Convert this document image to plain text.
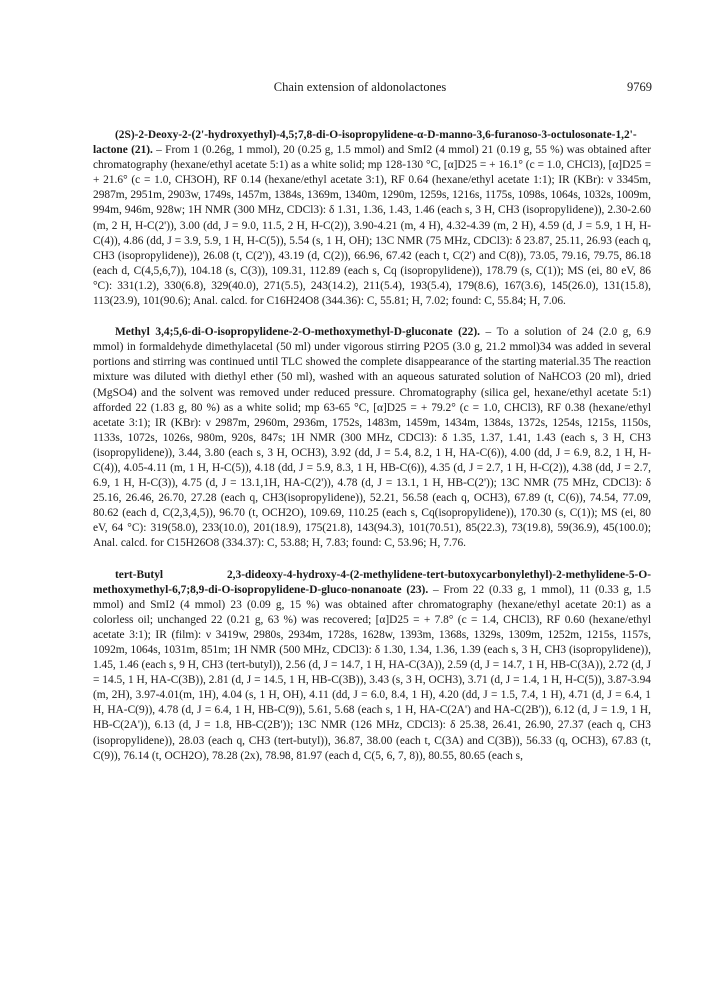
Chain extension of aldonolactones	9769

(2S)-2-Deoxy-2-(2'-hydroxyethyl)-4,5;7,8-di-O-isopropylidene-α-D-manno-3,6-furanoso-3-octulosonate-1,2'-lactone (21). – From 1 (0.26g, 1 mmol), 20 (0.25 g, 1.5 mmol) and SmI2 (4 mmol) 21 (0.19 g, 55 %) was obtained after chromatography (hexane/ethyl acetate 5:1) as a white solid; mp 128-130 °C, [α]D25 = + 16.1° (c = 1.0, CHCl3), [α]D25 = + 21.6° (c = 1.0, CH3OH), RF 0.14 (hexane/ethyl acetate 3:1), RF 0.64 (hexane/ethyl acetate 1:1); IR (KBr): ν 3345m, 2987m, 2951m, 2903w, 1749s, 1457m, 1384s, 1369m, 1340m, 1290m, 1259s, 1216s, 1175s, 1098s, 1064s, 1032s, 1009m, 994m, 946m, 928w; 1H NMR (300 MHz, CDCl3): δ 1.31, 1.36, 1.43, 1.46 (each s, 3 H, CH3 (isopropylidene)), 2.30-2.60 (m, 2 H, H-C(2')), 3.00 (dd, J = 9.0, 11.5, 2 H, H-C(2)), 3.90-4.21 (m, 4 H), 4.32-4.39 (m, 2 H), 4.59 (d, J = 5.9, 1 H, H-C(4)), 4.86 (dd, J = 3.9, 5.9, 1 H, H-C(5)), 5.54 (s, 1 H, OH); 13C NMR (75 MHz, CDCl3): δ 23.87, 25.11, 26.93 (each q, CH3 (isopropylidene)), 26.08 (t, C(2')), 43.19 (d, C(2)), 66.96, 67.42 (each t, C(2') and C(8)), 73.05, 79.16, 79.75, 86.18 (each d, C(4,5,6,7)), 104.18 (s, C(3)), 109.31, 112.89 (each s, Cq (isopropylidene)), 178.79 (s, C(1)); MS (ei, 80 eV, 86 °C): 331(1.2), 330(6.8), 329(40.0), 271(5.5), 243(14.2), 211(5.4), 193(5.4), 179(8.6), 167(3.6), 145(26.0), 131(15.8), 113(23.9), 101(90.6); Anal. calcd. for C16H24O8 (344.36): C, 55.81; H, 7.02; found: C, 55.84; H, 7.06.

Methyl 3,4;5,6-di-O-isopropylidene-2-O-methoxymethyl-D-gluconate (22). – To a solution of 24 (2.0 g, 6.9 mmol) in formaldehyde dimethylacetal (50 ml) under vigorous stirring P2O5 (3.0 g, 21.2 mmol)34 was added in several portions and stirring was continued until TLC showed the complete disappearance of the starting material.35 The reaction mixture was diluted with diethyl ether (50 ml), washed with an aqueous saturated solution of NaHCO3 (20 ml), dried (MgSO4) and the solvent was removed under reduced pressure. Chromatography (silica gel, hexane/ethyl acetate 5:1) afforded 22 (1.83 g, 80 %) as a white solid; mp 63-65 °C, [α]D25 = + 79.2° (c = 1.0, CHCl3), RF 0.38 (hexane/ethyl acetate 3:1); IR (KBr): ν 2987m, 2960m, 2936m, 1752s, 1483m, 1459m, 1434m, 1384s, 1372s, 1254s, 1215s, 1150s, 1133s, 1072s, 1026s, 980m, 920s, 847s; 1H NMR (300 MHz, CDCl3): δ 1.35, 1.37, 1.41, 1.43 (each s, 3 H, CH3 (isopropylidene)), 3.44, 3.80 (each s, 3 H, OCH3), 3.92 (dd, J = 5.4, 8.2, 1 H, HA-C(6)), 4.00 (dd, J = 6.9, 8.2, 1 H, H-C(4)), 4.05-4.11 (m, 1 H, H-C(5)), 4.18 (dd, J = 5.9, 8.3, 1 H, HB-C(6)), 4.35 (d, J = 2.7, 1 H, H-C(2)), 4.38 (dd, J = 2.7, 6.9, 1 H, H-C(3)), 4.75 (d, J = 13.1,1H, HA-C(2')), 4.78 (d, J = 13.1, 1 H, HB-C(2')); 13C NMR (75 MHz, CDCl3): δ 25.16, 26.46, 26.70, 27.28 (each q, CH3(isopropylidene)), 52.21, 56.58 (each q, OCH3), 67.89 (t, C(6)), 74.54, 77.09, 80.62 (each d, C(2,3,4,5)), 96.70 (t, OCH2O), 109.69, 110.25 (each s, Cq(isopropylidene)), 170.30 (s, C(1)); MS (ei, 80 eV, 64 °C): 319(58.0), 233(10.0), 201(18.9), 175(21.8), 143(94.3), 101(70.51), 85(22.3), 73(19.8), 59(36.9), 45(100.0); Anal. calcd. for C15H26O8 (334.37): C, 53.88; H, 7.83; found: C, 53.96; H, 7.76.

tert-Butyl 2,3-dideoxy-4-hydroxy-4-(2-methylidene-tert-butoxycarbonylethyl)-2-methylidene-5-O-methoxymethyl-6,7;8,9-di-O-isopropylidene-D-gluco-nonanoate (23). – From 22 (0.33 g, 1 mmol), 11 (0.33 g, 1.5 mmol) and SmI2 (4 mmol) 23 (0.09 g, 15 %) was obtained after chromatography (hexane/ethyl acetate 20:1) as a colorless oil; unchanged 22 (0.21 g, 63 %) was recovered; [α]D25 = + 7.8° (c = 1.4, CHCl3), RF 0.60 (hexane/ethyl acetate 3:1); IR (film): ν 3419w, 2980s, 2934m, 1728s, 1628w, 1393m, 1368s, 1329s, 1309m, 1252m, 1215s, 1157s, 1092m, 1064s, 1031m, 851m; 1H NMR (500 MHz, CDCl3): δ 1.30, 1.34, 1.36, 1.39 (each s, 3 H, CH3 (isopropylidene)), 1.45, 1.46 (each s, 9 H, CH3 (tert-butyl)), 2.56 (d, J = 14.7, 1 H, HA-C(3A)), 2.59 (d, J = 14.7, 1 H, HB-C(3A)), 2.72 (d, J = 14.5, 1 H, HA-C(3B)), 2.81 (d, J = 14.5, 1 H, HB-C(3B)), 3.43 (s, 3 H, OCH3), 3.71 (d, J = 1.4, 1 H, H-C(5)), 3.87-3.94 (m, 2H), 3.97-4.01(m, 1H), 4.04 (s, 1 H, OH), 4.11 (dd, J = 6.0, 8.4, 1 H), 4.20 (dd, J = 1.5, 7.4, 1 H), 4.71 (d, J = 6.4, 1 H, HA-C(9)), 4.78 (d, J = 6.4, 1 H, HB-C(9)), 5.61, 5.68 (each s, 1 H, HA-C(2A') and HA-C(2B')), 6.12 (d, J = 1.9, 1 H, HB-C(2A')), 6.13 (d, J = 1.8, HB-C(2B')); 13C NMR (126 MHz, CDCl3): δ 25.38, 26.41, 26.90, 27.37 (each q, CH3 (isopropylidene)), 28.03 (each q, CH3 (tert-butyl)), 36.87, 38.00 (each t, C(3A) and C(3B)), 56.33 (q, OCH3), 67.83 (t, C(9)), 76.14 (t, OCH2O), 78.28 (2x), 78.98, 81.97 (each d, C(5, 6, 7, 8)), 80.55, 80.65 (each s,
